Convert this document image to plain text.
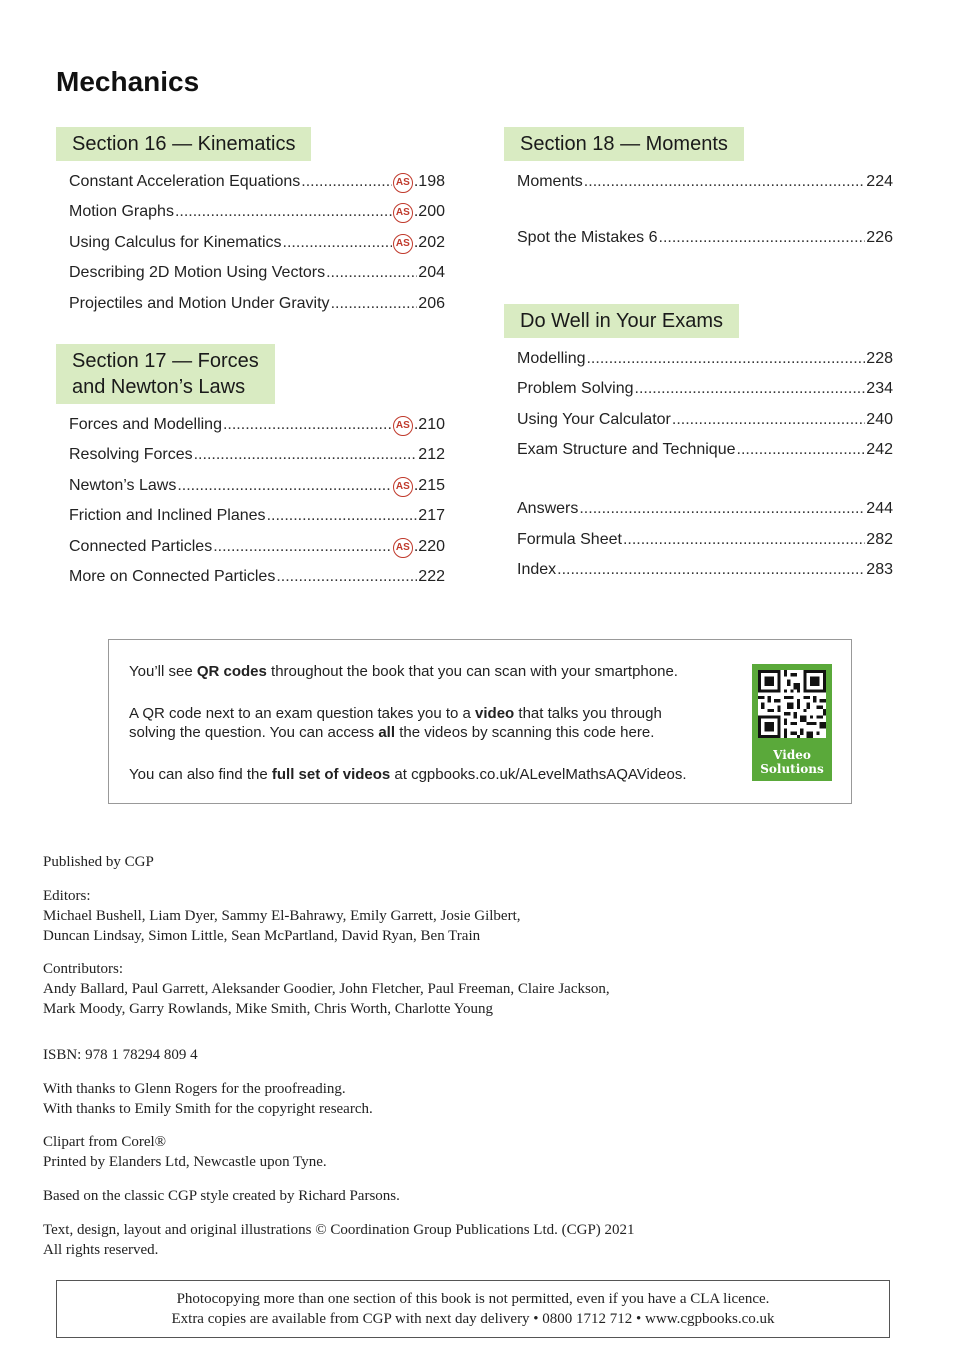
Mechanics
Section 16 — Kinematics
Constant Acceleration Equations .....	AS .198
Motion Graphs .....	AS .200
Using Calculus for Kinematics .....	AS .202
Describing 2D Motion Using Vectors .....	204
Projectiles and Motion Under Gravity .....	206
Section 17 — Forces
and Newton’s Laws
Forces and Modelling .....	AS .210
Resolving Forces .....	212
Newton’s Laws .....	AS .215
Friction and Inclined Planes .....	217
Connected Particles .....	AS .220
More on Connected Particles .....	222
Section 18 — Moments
Moments .....	224
Spot the Mistakes 6 .....	226
Do Well in Your Exams
Modelling .....	228
Problem Solving .....	234
Using Your Calculator .....	240
Exam Structure and Technique .....	242
Answers .....	244
Formula Sheet .....	282
Index .....	283

You’ll see QR codes throughout the book that you can scan with your smartphone.

A QR code next to an exam question takes you to a video that talks you through

solving the question. You can access all the videos by scanning this code here.

You can also find the full set of videos at cgpbooks.co.uk/ALevelMathsAQAVideos.

Video
Solutions
Published by CGP
Editors:
Michael Bushell, Liam Dyer, Sammy El-Bahrawy, Emily Garrett, Josie Gilbert,
Duncan Lindsay, Simon Little, Sean McPartland, David Ryan, Ben Train
Contributors:
Andy Ballard, Paul Garrett, Aleksander Goodier, John Fletcher, Paul Freeman, Claire Jackson,
Mark Moody, Garry Rowlands, Mike Smith, Chris Worth, Charlotte Young
ISBN: 978 1 78294 809 4
With thanks to Glenn Rogers for the proofreading.
With thanks to Emily Smith for the copyright research.
Clipart from Corel®
Printed by Elanders Ltd, Newcastle upon Tyne.
Based on the classic CGP style created by Richard Parsons.
Text, design, layout and original illustrations © Coordination Group Publications Ltd. (CGP) 2021
All rights reserved.
Photocopying more than one section of this book is not permitted, even if you have a CLA licence.
Extra copies are available from CGP with next day delivery • 0800 1712 712 • www.cgpbooks.co.uk
